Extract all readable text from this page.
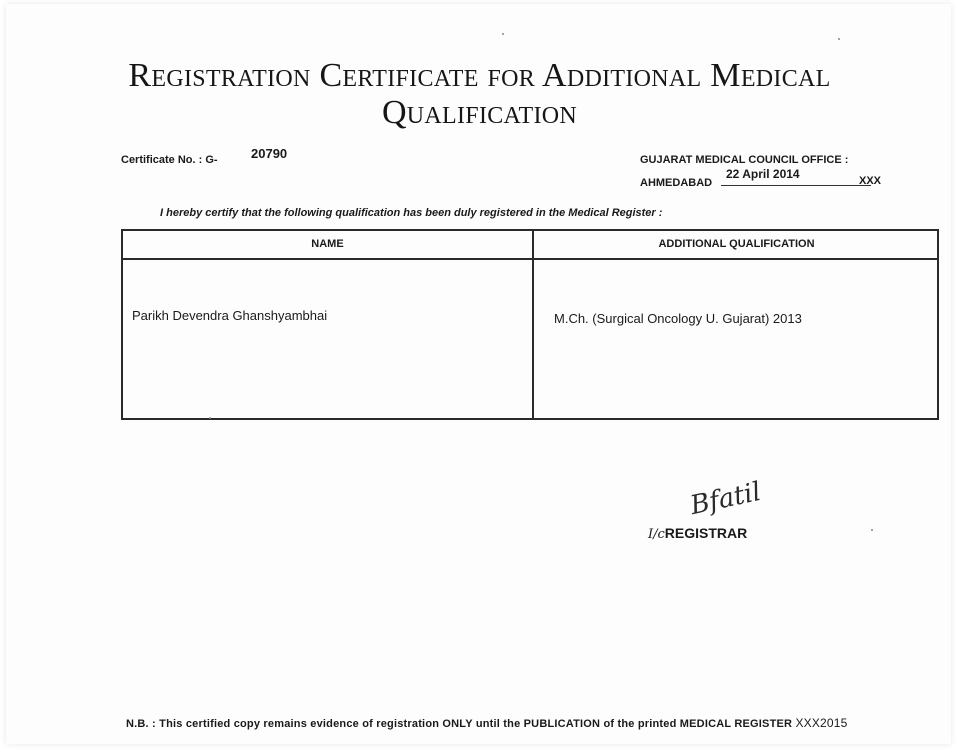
Registration Certificate for Additional Medical
Qualification
Certificate No. : G-	20790	GUJARAT MEDICAL COUNCIL OFFICE :
AHMEDABAD
22 April 2014	XXX
I hereby certify that the following qualification has been duly registered in the Medical Register :
NAME	ADDITIONAL QUALIFICATION
Parikh Devendra Ghanshyambhai	M.Ch. (Surgical Oncology U. Gujarat) 2013
Bfatil
I/cREGISTRAR
N.B. : This certified copy remains evidence of registration ONLY until the PUBLICATION of the printed MEDICAL REGISTER XXX2015
